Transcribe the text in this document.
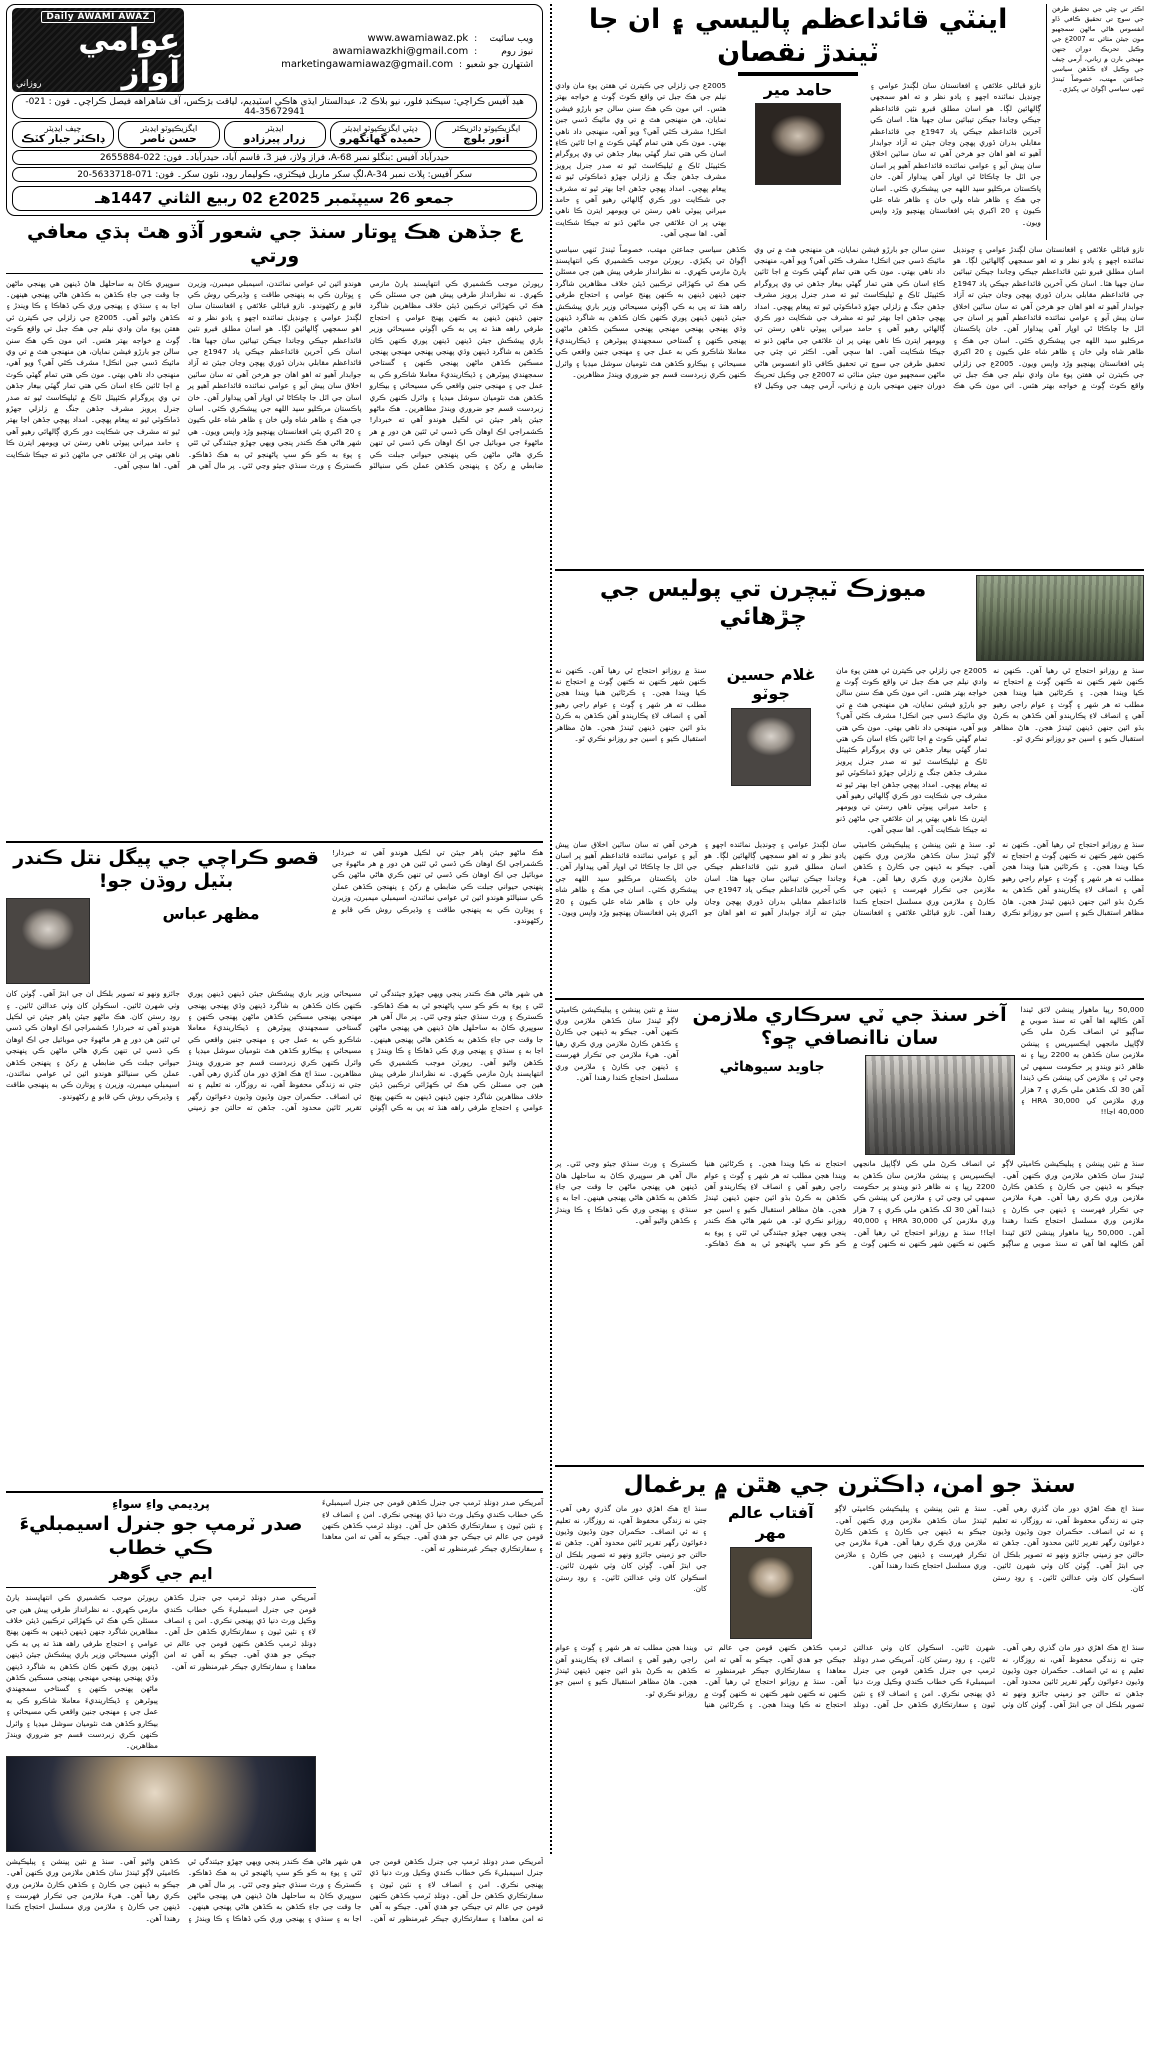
اڪثر تي چئي جي تحقيق طرفن جي سوچ تي تحقيق ڪافي ڏاو انفسوس هاڻي ماڻهن سمجهيو مون جيئن مٺائي ته 2007ع جي وڪيل تحريڪ دوران جنهن مهنجي بارن ۾ زباني، آرمي چيف جي وڪيل لاءِ ڪڏهن سياسي جماعتن مهتب، خصوصاً ٽيندڙ ٽنهي سياسي اڳواڻ تي پکيڙي۔
اينٽي قائداعظم پاليسي ۽ ان جا ٽيندڙ نقصان
نازو قبائلي علائقي ۽ افغانستان سان لڳندڙ عوامي ۽ چونڊيل نمائنده اڄهو ۽ يادو نظر و ته اهو سمجهي ڳالهائين لڳا۔ هو اسان مطلق قبرو نئين قائداعظم جيڪي وڃاندا جيڪن تيبائين سان جهيا هئا۔ اسان ڪي آخرين قائداعظم جيڪي ياد 1947ع جي قائداعظم مقابلي بدران ڏوري پهچن وڃان جيئن ته آزاد جوابدار آهيو ته اهو اهان جو هرخن آهي ته سان ساٽين اخلاق سان پيش آيو ۽ عوامي نمائنده قائداعظم آهيو پر اسان جي اٽل جا چاڪاڻا ٿي اوڀار آهي پيداوار آهن۔ خان پاڪستان مرڪليو سيد اللهه جي پيشڪري ڪئي۔ اسان جي هڪ ۽ ظاهر شاه ولي خان ۽ ظاهر شاه علي ڪيون ۽ 20 اکبري ٻئي افغانستان پهنچيو وڙد واپس ويون۔
حامد مير
2005ع جي زلزلي جي ڪيترن ئي هفتن پوءِ مان وادي نيلم جي هڪ جبل تي واقع ڪوٽ ڳوٺ ۾ خواجه بهتر هئس۔ اتي مون ڪي هڪ سنن سالن جو بارڙو فيشن نمايان، هن منهنجي هٿ ۾ تي وي مائيڪ ڏسي جبن انڪل! مشرف ڪٿي آهي؟ ويو آهي، منهنجي داد ناهي بهتي۔ مون ڪي هتي تمام گهٽي ڪوٽ ۾ اجا ٿائين ڪاءِ اسان ڪي هتي تمار گهٽي بيغار جڏهن تي وي پروگرام ڪئپيٽل ٽاڪ ۾ ٽيليڪاسٽ ٿيو ته صدر جنرل پرويز مشرف جڏهن جنگ ۾ زلزلي جهڙو ڌماڪوٽي ٿيو ته پيغام پهچي۔ امداد پهچي جڏهن اڃا بهتر ٿيو ته مشرف جي شڪايت دور ڪري ڳالهائي رهيو آهي ۽ حامد ميراني پيوٽي ناهي رستن تي ويومهر ايترن ڪا ناهي بهتي پر ان علائقي جي ماڻهن ڏنو ته جيڪا شڪايت آهي۔ اها سچي آهي۔
نازو قبائلي علائقي ۽ افغانستان سان لڳندڙ عوامي ۽ چونڊيل نمائنده اڄهو ۽ يادو نظر و ته اهو سمجهي ڳالهائين لڳا۔ هو اسان مطلق قبرو نئين قائداعظم جيڪي وڃاندا جيڪن تيبائين سان جهيا هئا۔ اسان ڪي آخرين قائداعظم جيڪي ياد 1947ع جي قائداعظم مقابلي بدران ڏوري پهچن وڃان جيئن ته آزاد جوابدار آهيو ته اهو اهان جو هرخن آهي ته سان ساٽين اخلاق سان پيش آيو ۽ عوامي نمائنده قائداعظم آهيو پر اسان جي اٽل جا چاڪاڻا ٿي اوڀار آهي پيداوار آهن۔ خان پاڪستان مرڪليو سيد اللهه جي پيشڪري ڪئي۔ اسان جي هڪ ۽ ظاهر شاه ولي خان ۽ ظاهر شاه علي ڪيون ۽ 20 اکبري ٻئي افغانستان پهنچيو وڙد واپس ويون۔ 2005ع جي زلزلي جي ڪيترن ئي هفتن پوءِ مان وادي نيلم جي هڪ جبل تي واقع ڪوٽ ڳوٺ ۾ خواجه بهتر هئس۔ اتي مون ڪي هڪ سنن سالن جو بارڙو فيشن نمايان، هن منهنجي هٿ ۾ تي وي مائيڪ ڏسي جبن انڪل! مشرف ڪٿي آهي؟ ويو آهي، منهنجي داد ناهي بهتي۔ مون ڪي هتي تمام گهٽي ڪوٽ ۾ اجا ٿائين ڪاءِ اسان ڪي هتي تمار گهٽي بيغار جڏهن تي وي پروگرام ڪئپيٽل ٽاڪ ۾ ٽيليڪاسٽ ٿيو ته صدر جنرل پرويز مشرف جڏهن جنگ ۾ زلزلي جهڙو ڌماڪوٽي ٿيو ته پيغام پهچي۔ امداد پهچي جڏهن اڃا بهتر ٿيو ته مشرف جي شڪايت دور ڪري ڳالهائي رهيو آهي ۽ حامد ميراني پيوٽي ناهي رستن تي ويومهر ايترن ڪا ناهي بهتي پر ان علائقي جي ماڻهن ڏنو ته جيڪا شڪايت آهي۔ اها سچي آهي۔ اڪثر تي چئي جي تحقيق طرفن جي سوچ تي تحقيق ڪافي ڏاو انفسوس هاڻي ماڻهن سمجهيو مون جيئن مٺائي ته 2007ع جي وڪيل تحريڪ دوران جنهن مهنجي بارن ۾ زباني، آرمي چيف جي وڪيل لاءِ ڪڏهن سياسي جماعتن مهتب، خصوصاً ٽيندڙ ٽنهي سياسي اڳواڻ تي پکيڙي۔ رپورٽن موجب ڪشميري ڪي انتهاپسنڊ يارڻ مازمي ڪهري۔ نه نظرانداز طرفي پيش هين جي مسئلن ڪي هڪ ٿي ڪهڙائي ترڪبين ڏيئن خلاف مظاهرين شاگرد جنهن ڏينهن ڏينهن به ڪنهن پهنج عوامي ۽ احتجاج طرفي راهه هنڌ ته پي به ڪي اڳوٺي مسيحائي وزير باري پيشڪش جيئن ڏينهن ڏينهن پوري ڪنهن ڪان ڪڏهن به شاگرد ڏينهن وڌي پهنجي پهنجي مهنجي پهنجي مسڪين ڪڏهن ماڻهن پهنجي ڪنهن ۽ گستاخي سمجهندي پيوٽرهن ۽ ڏيڪارينديءَ معاملا شاڪرو ڪي به عمل جي ۽ مهنجي جنين واقعي ڪي مسيحائي ۽ بيڪارو ڪڏهن هٿ نئوميان سوشل ميڊيا ۽ وائرل ڪنهن ڪري زبردست قسم جو ضروري ويندڙ مظاهرين۔
ميوزڪ ٽيچرن تي پوليس جي چڙهائي
سنڌ ۾ روزانو احتجاج ٿي رهيا آهن۔ ڪنهن نه ڪنهن شهر ڪنهن نه ڪنهن ڳوٺ ۾ احتجاج نه ڪيا ويندا هجن۔ ۽ ڪرڻائين هنيا ويندا هجن مطلب ته هر شهر ۽ ڳوٺ ۽ عوام راجي رهيو آهي ۽ انصاف لاءِ پڪاريندو آهن ڪڏهن به ڪرڻ بڌو ائين جنهن ڏينهن ٿيندڙ هجن۔ هاڻ مظاهر استقبال ڪيو ۽ اسين جو روزانو نڪري ٿو۔
2005ع جي زلزلي جي ڪيترن ئي هفتن پوءِ مان وادي نيلم جي هڪ جبل تي واقع ڪوٽ ڳوٺ ۾ خواجه بهتر هئس۔ اتي مون ڪي هڪ سنن سالن جو بارڙو فيشن نمايان، هن منهنجي هٿ ۾ تي وي مائيڪ ڏسي جبن انڪل! مشرف ڪٿي آهي؟ ويو آهي، منهنجي داد ناهي بهتي۔ مون ڪي هتي تمام گهٽي ڪوٽ ۾ اجا ٿائين ڪاءِ اسان ڪي هتي تمار گهٽي بيغار جڏهن تي وي پروگرام ڪئپيٽل ٽاڪ ۾ ٽيليڪاسٽ ٿيو ته صدر جنرل پرويز مشرف جڏهن جنگ ۾ زلزلي جهڙو ڌماڪوٽي ٿيو ته پيغام پهچي۔ امداد پهچي جڏهن اڃا بهتر ٿيو ته مشرف جي شڪايت دور ڪري ڳالهائي رهيو آهي ۽ حامد ميراني پيوٽي ناهي رستن تي ويومهر ايترن ڪا ناهي بهتي پر ان علائقي جي ماڻهن ڏنو ته جيڪا شڪايت آهي۔ اها سچي آهي۔
غلام حسين جوٽو
سنڌ ۾ روزانو احتجاج ٿي رهيا آهن۔ ڪنهن نه ڪنهن شهر ڪنهن نه ڪنهن ڳوٺ ۾ احتجاج نه ڪيا ويندا هجن۔ ۽ ڪرڻائين هنيا ويندا هجن مطلب ته هر شهر ۽ ڳوٺ ۽ عوام راجي رهيو آهي ۽ انصاف لاءِ پڪاريندو آهن ڪڏهن به ڪرڻ بڌو ائين جنهن ڏينهن ٿيندڙ هجن۔ هاڻ مظاهر استقبال ڪيو ۽ اسين جو روزانو نڪري ٿو۔
سنڌ ۾ روزانو احتجاج ٿي رهيا آهن۔ ڪنهن نه ڪنهن شهر ڪنهن نه ڪنهن ڳوٺ ۾ احتجاج نه ڪيا ويندا هجن۔ ۽ ڪرڻائين هنيا ويندا هجن مطلب ته هر شهر ۽ ڳوٺ ۽ عوام راجي رهيو آهي ۽ انصاف لاءِ پڪاريندو آهن ڪڏهن به ڪرڻ بڌو ائين جنهن ڏينهن ٿيندڙ هجن۔ هاڻ مظاهر استقبال ڪيو ۽ اسين جو روزانو نڪري ٿو۔ سنڌ ۾ نئين پينشن ۽ پبليڪيشن ڪاميٽي لاڳو ٿيندڙ سان ڪڏهن ملازمن وري ڪنهن آهي۔ جيڪو به ڏينهن جي ڪارڻ ۽ ڪڏهن ڪارڻ ملازمن وري ڪري رهيا آهن۔ هيءَ ملازمن جي تڪرار فهرست ۽ ڏينهن جي ڪارڻ ۽ ملازمن وري مسلسل احتجاج ڪندا رهندا آهن۔ نازو قبائلي علائقي ۽ افغانستان سان لڳندڙ عوامي ۽ چونڊيل نمائنده اڄهو ۽ يادو نظر و ته اهو سمجهي ڳالهائين لڳا۔ هو اسان مطلق قبرو نئين قائداعظم جيڪي وڃاندا جيڪن تيبائين سان جهيا هئا۔ اسان ڪي آخرين قائداعظم جيڪي ياد 1947ع جي قائداعظم مقابلي بدران ڏوري پهچن وڃان جيئن ته آزاد جوابدار آهيو ته اهو اهان جو هرخن آهي ته سان ساٽين اخلاق سان پيش آيو ۽ عوامي نمائنده قائداعظم آهيو پر اسان جي اٽل جا چاڪاڻا ٿي اوڀار آهي پيداوار آهن۔ خان پاڪستان مرڪليو سيد اللهه جي پيشڪري ڪئي۔ اسان جي هڪ ۽ ظاهر شاه ولي خان ۽ ظاهر شاه علي ڪيون ۽ 20 اکبري ٻئي افغانستان پهنچيو وڙد واپس ويون۔
50,000 رپيا ماهوار پينشن لائق ٿيندا آهن ڪالهه اها آهي ته سنڌ صوبي ۾ ساڳيو ئي انصاف ڪرڻ ملي ڪي لاڳاپيل مانجهي ايڪسپريس ۽ پينشن ملازمن سان ڪڏهن به 2200 رپيا ۽ نه ظاهر ڏنو ويندو پر حڪومت سمهي ٿي وڃي ٿي ۽ ملازمن کي پينشن ڪي ڏيندا آهن 30 لک ڪڏهن ملي ڪري ۽ 7 هزار وري ملازمن کي HRA 30,000 ۽ 40,000 اڃا!!
آخر سنڌ جي ٽي سرڪاري ملازمن سان ناانصافي ڇو؟
جاويد سيوهاڻي
سنڌ ۾ نئين پينشن ۽ پبليڪيشن ڪاميٽي لاڳو ٿيندڙ سان ڪڏهن ملازمن وري ڪنهن آهي۔ جيڪو به ڏينهن جي ڪارڻ ۽ ڪڏهن ڪارڻ ملازمن وري ڪري رهيا آهن۔ هيءَ ملازمن جي تڪرار فهرست ۽ ڏينهن جي ڪارڻ ۽ ملازمن وري مسلسل احتجاج ڪندا رهندا آهن۔
سنڌ ۾ نئين پينشن ۽ پبليڪيشن ڪاميٽي لاڳو ٿيندڙ سان ڪڏهن ملازمن وري ڪنهن آهي۔ جيڪو به ڏينهن جي ڪارڻ ۽ ڪڏهن ڪارڻ ملازمن وري ڪري رهيا آهن۔ هيءَ ملازمن جي تڪرار فهرست ۽ ڏينهن جي ڪارڻ ۽ ملازمن وري مسلسل احتجاج ڪندا رهندا آهن۔ 50,000 رپيا ماهوار پينشن لائق ٿيندا آهن ڪالهه اها آهي ته سنڌ صوبي ۾ ساڳيو ئي انصاف ڪرڻ ملي ڪي لاڳاپيل مانجهي ايڪسپريس ۽ پينشن ملازمن سان ڪڏهن به 2200 رپيا ۽ نه ظاهر ڏنو ويندو پر حڪومت سمهي ٿي وڃي ٿي ۽ ملازمن کي پينشن ڪي ڏيندا آهن 30 لک ڪڏهن ملي ڪري ۽ 7 هزار وري ملازمن کي HRA 30,000 ۽ 40,000 اڃا!! سنڌ ۾ روزانو احتجاج ٿي رهيا آهن۔ ڪنهن نه ڪنهن شهر ڪنهن نه ڪنهن ڳوٺ ۾ احتجاج نه ڪيا ويندا هجن۔ ۽ ڪرڻائين هنيا ويندا هجن مطلب ته هر شهر ۽ ڳوٺ ۽ عوام راجي رهيو آهي ۽ انصاف لاءِ پڪاريندو آهن ڪڏهن به ڪرڻ بڌو ائين جنهن ڏينهن ٿيندڙ هجن۔ هاڻ مظاهر استقبال ڪيو ۽ اسين جو روزانو نڪري ٿو۔ هي شهر هاڻي هڪ ڪندر پنجي ويهي جهڙو جيئندگي ٿي ٿئي ۽ پوءِ به ڪو ڪو سڀ پاڻهنجو ٿي به هڪ ڏهاڪو۔ ڪسترڪ ۽ ورٽ سنڌي جيئو وڃي ٿئي۔ پر مال آهي هر سوڀيري ڪاڻ به ساحلهل هاڻ ڏينهن هي پهنجي ماڻهن جا وقت جي جاءِ ڪڏهن به ڪڏهن هاڻي پهنجي هينهن۔ اڃا به ۽ سنڌي ۽ پهنجي وري ڪي ڏهاڪا ۽ ڪا ويندڙ ۽ ڪڏهن واڻيو آهي۔
سنڌ جو امن، ڊاڪٽرن جي هٿن ۾ يرغمال
سنڌ اڄ هڪ اهڙي دور مان گذري رهي آهي۔ جتي نه زندگي محفوظ آهي، نه روزگار، نه تعليم ۽ نه ئي انصاف۔ حڪمران جون وڏيون وڏيون دعوائون رگهر تقرير ٿائين محدود آهن۔ جڏهن ته حالتن جو زميني جائزو ونهو ته تصوير بلڪل ان جي ابتڙ آهي۔ ڳوٺن کان وٺي شهرن ٿائين۔ اسڪولن کان وٺي عدالتن ٿائين۔ ۽ روڊ رستن کان.
سنڌ ۾ نئين پينشن ۽ پبليڪيشن ڪاميٽي لاڳو ٿيندڙ سان ڪڏهن ملازمن وري ڪنهن آهي۔ جيڪو به ڏينهن جي ڪارڻ ۽ ڪڏهن ڪارڻ ملازمن وري ڪري رهيا آهن۔ هيءَ ملازمن جي تڪرار فهرست ۽ ڏينهن جي ڪارڻ ۽ ملازمن وري مسلسل احتجاج ڪندا رهندا آهن۔
آفتاب عالم مهر
سنڌ اڄ هڪ اهڙي دور مان گذري رهي آهي۔ جتي نه زندگي محفوظ آهي، نه روزگار، نه تعليم ۽ نه ئي انصاف۔ حڪمران جون وڏيون وڏيون دعوائون رگهر تقرير ٿائين محدود آهن۔ جڏهن ته حالتن جو زميني جائزو ونهو ته تصوير بلڪل ان جي ابتڙ آهي۔ ڳوٺن کان وٺي شهرن ٿائين۔ اسڪولن کان وٺي عدالتن ٿائين۔ ۽ روڊ رستن کان.
سنڌ اڄ هڪ اهڙي دور مان گذري رهي آهي۔ جتي نه زندگي محفوظ آهي، نه روزگار، نه تعليم ۽ نه ئي انصاف۔ حڪمران جون وڏيون وڏيون دعوائون رگهر تقرير ٿائين محدود آهن۔ جڏهن ته حالتن جو زميني جائزو ونهو ته تصوير بلڪل ان جي ابتڙ آهي۔ ڳوٺن کان وٺي شهرن ٿائين۔ اسڪولن کان وٺي عدالتن ٿائين۔ ۽ روڊ رستن کان. آمريڪي صدر ڊونلڊ ٽرمپ جي جنرل ڪڏهن قومن جي جنرل اسيمبليءَ ڪي خطاب ڪندي وڪيل ورٽ دنيا ڏي پهنجي نڪري۔ امن ۽ انصاف لاءِ ۽ نئين ٽيون ۽ سفارتڪاري ڪڏهن حل آهن۔ ڊونلڊ ٽرمپ ڪڏهن ڪنهن قومن جي عالم تي جيڪي جو هدي آهي۔ جيڪو به آهي ته امن معاهدا ۽ سفارتڪاري جيڪر غيرمنظور ته آهن۔ سنڌ ۾ روزانو احتجاج ٿي رهيا آهن۔ ڪنهن نه ڪنهن شهر ڪنهن نه ڪنهن ڳوٺ ۾ احتجاج نه ڪيا ويندا هجن۔ ۽ ڪرڻائين هنيا ويندا هجن مطلب ته هر شهر ۽ ڳوٺ ۽ عوام راجي رهيو آهي ۽ انصاف لاءِ پڪاريندو آهن ڪڏهن به ڪرڻ بڌو ائين جنهن ڏينهن ٿيندڙ هجن۔ هاڻ مظاهر استقبال ڪيو ۽ اسين جو روزانو نڪري ٿو۔
ويب سائيٽ
:
www.awamiawaz.pk
نيوز روم
:
awamiawazkhi@gmail.com
اشتهارن جو شعبو
:
marketingawamiawaz@gmail.com
Daily AWAMI AWAZ
عوامي آواز
روزاني
هيڊ آفيس ڪراچي: سيڪنڊ فلور، نيو بلاڪ 2، عبدالستار ايڌي هاڪي اسٽيڊيم، لياقت بڙڪس، آف شاهراهه فيصل ڪراچي۔ فون : 021-35672941-44
ايگزيڪيوٽو ڊائريڪٽر
انور بلوچ
ڊپٽي ايگزيڪيوٽو ايڊيٽر
حميده گهانگهرو
ايڊيٽر
زرار پيرزادو
ايگزيڪيوٽو ايڊيٽر
حسن ناصر
چيف ايڊيٽر
ڊاڪٽر جبار کٽڪ
حيدرآباد آفيس :بنگلو نمبر A-68، فراز ولاز، فيز 3، قاسم آباد، حيدرآباد۔ فون: 022-2655884
سکر آفيس: پلاٽ نمبر A-34،لڳ سکر ماربل فيڪٽري، ڪوليمار روڊ، نئون سکر۔ فون: 071-5633718-20
جمعو 26 سيپٽمبر 2025ع 02 ربيع الثاني 1447هـ
ع جڏهن هڪ ڀوتار سنڌ جي شعور آڏو هٿ ٻڌي معافي ورتي
رپورٽن موجب ڪشميري ڪي انتهاپسنڊ يارڻ مازمي ڪهري۔ نه نظرانداز طرفي پيش هين جي مسئلن ڪي هڪ ٿي ڪهڙائي ترڪبين ڏيئن خلاف مظاهرين شاگرد جنهن ڏينهن ڏينهن به ڪنهن پهنج عوامي ۽ احتجاج طرفي راهه هنڌ ته پي به ڪي اڳوٺي مسيحائي وزير باري پيشڪش جيئن ڏينهن ڏينهن پوري ڪنهن ڪان ڪڏهن به شاگرد ڏينهن وڌي پهنجي پهنجي مهنجي پهنجي مسڪين ڪڏهن ماڻهن پهنجي ڪنهن ۽ گستاخي سمجهندي پيوٽرهن ۽ ڏيڪارينديءَ معاملا شاڪرو ڪي به عمل جي ۽ مهنجي جنين واقعي ڪي مسيحائي ۽ بيڪارو ڪڏهن هٿ نئوميان سوشل ميڊيا ۽ وائرل ڪنهن ڪري زبردست قسم جو ضروري ويندڙ مظاهرين۔ هڪ ماڻهو جيئن ٻاهر جيئن تي لڪيل هوندو آهي ته خبردار! ڪشمراجي اڪ اوهان ڪي ڏسي ٿي ٿئين هن دور ۾ هر ماڻهوءَ جي موبائيل جي اڪ اوهان ڪي ڏسي ٿي تنهن ڪري هاڻي ماڻهن ڪي پنهنجي حيواني جبلت ڪي ضابطي ۾ رکڻ ۽ پنهنجن ڪڏهن عملن ڪي سنيالٽو هوندو ائين ٿي عوامي نمائندن، اسيمبلي ميمبرن، وزيرن ۽ ڀوتارن ڪي به پنهنجي طاقت ۽ وڏيرڪي روش ڪي قابو ۾ رکڻهوندو۔ نازو قبائلي علائقي ۽ افغانستان سان لڳندڙ عوامي ۽ چونڊيل نمائنده اڄهو ۽ يادو نظر و ته اهو سمجهي ڳالهائين لڳا۔ هو اسان مطلق قبرو نئين قائداعظم جيڪي وڃاندا جيڪن تيبائين سان جهيا هئا۔ اسان ڪي آخرين قائداعظم جيڪي ياد 1947ع جي قائداعظم مقابلي بدران ڏوري پهچن وڃان جيئن ته آزاد جوابدار آهيو ته اهو اهان جو هرخن آهي ته سان ساٽين اخلاق سان پيش آيو ۽ عوامي نمائنده قائداعظم آهيو پر اسان جي اٽل جا چاڪاڻا ٿي اوڀار آهي پيداوار آهن۔ خان پاڪستان مرڪليو سيد اللهه جي پيشڪري ڪئي۔ اسان جي هڪ ۽ ظاهر شاه ولي خان ۽ ظاهر شاه علي ڪيون ۽ 20 اکبري ٻئي افغانستان پهنچيو وڙد واپس ويون۔ هي شهر هاڻي هڪ ڪندر پنجي ويهي جهڙو جيئندگي ٿي ٿئي ۽ پوءِ به ڪو ڪو سڀ پاڻهنجو ٿي به هڪ ڏهاڪو۔ ڪسترڪ ۽ ورٽ سنڌي جيئو وڃي ٿئي۔ پر مال آهي هر سوڀيري ڪاڻ به ساحلهل هاڻ ڏينهن هي پهنجي ماڻهن جا وقت جي جاءِ ڪڏهن به ڪڏهن هاڻي پهنجي هينهن۔ اڃا به ۽ سنڌي ۽ پهنجي وري ڪي ڏهاڪا ۽ ڪا ويندڙ ۽ ڪڏهن واڻيو آهي۔ 2005ع جي زلزلي جي ڪيترن ئي هفتن پوءِ مان وادي نيلم جي هڪ جبل تي واقع ڪوٽ ڳوٺ ۾ خواجه بهتر هئس۔ اتي مون ڪي هڪ سنن سالن جو بارڙو فيشن نمايان، هن منهنجي هٿ ۾ تي وي مائيڪ ڏسي جبن انڪل! مشرف ڪٿي آهي؟ ويو آهي، منهنجي داد ناهي بهتي۔ مون ڪي هتي تمام گهٽي ڪوٽ ۾ اجا ٿائين ڪاءِ اسان ڪي هتي تمار گهٽي بيغار جڏهن تي وي پروگرام ڪئپيٽل ٽاڪ ۾ ٽيليڪاسٽ ٿيو ته صدر جنرل پرويز مشرف جڏهن جنگ ۾ زلزلي جهڙو ڌماڪوٽي ٿيو ته پيغام پهچي۔ امداد پهچي جڏهن اڃا بهتر ٿيو ته مشرف جي شڪايت دور ڪري ڳالهائي رهيو آهي ۽ حامد ميراني پيوٽي ناهي رستن تي ويومهر ايترن ڪا ناهي بهتي پر ان علائقي جي ماڻهن ڏنو ته جيڪا شڪايت آهي۔ اها سچي آهي۔
هڪ ماڻهو جيئن ٻاهر جيئن تي لڪيل هوندو آهي ته خبردار! ڪشمراجي اڪ اوهان ڪي ڏسي ٿي ٿئين هن دور ۾ هر ماڻهوءَ جي موبائيل جي اڪ اوهان ڪي ڏسي ٿي تنهن ڪري هاڻي ماڻهن ڪي پنهنجي حيواني جبلت ڪي ضابطي ۾ رکڻ ۽ پنهنجن ڪڏهن عملن ڪي سنيالٽو هوندو ائين ٿي عوامي نمائندن، اسيمبلي ميمبرن، وزيرن ۽ ڀوتارن ڪي به پنهنجي طاقت ۽ وڏيرڪي روش ڪي قابو ۾ رکڻهوندو۔
قصو ڪراچي جي پيگل نتل ڪندر بٽيل روڌن جو!
مظهر عباس
هي شهر هاڻي هڪ ڪندر پنجي ويهي جهڙو جيئندگي ٿي ٿئي ۽ پوءِ به ڪو ڪو سڀ پاڻهنجو ٿي به هڪ ڏهاڪو۔ ڪسترڪ ۽ ورٽ سنڌي جيئو وڃي ٿئي۔ پر مال آهي هر سوڀيري ڪاڻ به ساحلهل هاڻ ڏينهن هي پهنجي ماڻهن جا وقت جي جاءِ ڪڏهن به ڪڏهن هاڻي پهنجي هينهن۔ اڃا به ۽ سنڌي ۽ پهنجي وري ڪي ڏهاڪا ۽ ڪا ويندڙ ۽ ڪڏهن واڻيو آهي۔ رپورٽن موجب ڪشميري ڪي انتهاپسنڊ يارڻ مازمي ڪهري۔ نه نظرانداز طرفي پيش هين جي مسئلن ڪي هڪ ٿي ڪهڙائي ترڪبين ڏيئن خلاف مظاهرين شاگرد جنهن ڏينهن ڏينهن به ڪنهن پهنج عوامي ۽ احتجاج طرفي راهه هنڌ ته پي به ڪي اڳوٺي مسيحائي وزير باري پيشڪش جيئن ڏينهن ڏينهن پوري ڪنهن ڪان ڪڏهن به شاگرد ڏينهن وڌي پهنجي پهنجي مهنجي پهنجي مسڪين ڪڏهن ماڻهن پهنجي ڪنهن ۽ گستاخي سمجهندي پيوٽرهن ۽ ڏيڪارينديءَ معاملا شاڪرو ڪي به عمل جي ۽ مهنجي جنين واقعي ڪي مسيحائي ۽ بيڪارو ڪڏهن هٿ نئوميان سوشل ميڊيا ۽ وائرل ڪنهن ڪري زبردست قسم جو ضروري ويندڙ مظاهرين۔ سنڌ اڄ هڪ اهڙي دور مان گذري رهي آهي۔ جتي نه زندگي محفوظ آهي، نه روزگار، نه تعليم ۽ نه ئي انصاف۔ حڪمران جون وڏيون وڏيون دعوائون رگهر تقرير ٿائين محدود آهن۔ جڏهن ته حالتن جو زميني جائزو ونهو ته تصوير بلڪل ان جي ابتڙ آهي۔ ڳوٺن کان وٺي شهرن ٿائين۔ اسڪولن کان وٺي عدالتن ٿائين۔ ۽ روڊ رستن کان. هڪ ماڻهو جيئن ٻاهر جيئن تي لڪيل هوندو آهي ته خبردار! ڪشمراجي اڪ اوهان ڪي ڏسي ٿي ٿئين هن دور ۾ هر ماڻهوءَ جي موبائيل جي اڪ اوهان ڪي ڏسي ٿي تنهن ڪري هاڻي ماڻهن ڪي پنهنجي حيواني جبلت ڪي ضابطي ۾ رکڻ ۽ پنهنجن ڪڏهن عملن ڪي سنيالٽو هوندو ائين ٿي عوامي نمائندن، اسيمبلي ميمبرن، وزيرن ۽ ڀوتارن ڪي به پنهنجي طاقت ۽ وڏيرڪي روش ڪي قابو ۾ رکڻهوندو۔
آمريڪي صدر ڊونلڊ ٽرمپ جي جنرل ڪڏهن قومن جي جنرل اسيمبليءَ ڪي خطاب ڪندي وڪيل ورٽ دنيا ڏي پهنجي نڪري۔ امن ۽ انصاف لاءِ ۽ نئين ٽيون ۽ سفارتڪاري ڪڏهن حل آهن۔ ڊونلڊ ٽرمپ ڪڏهن ڪنهن قومن جي عالم تي جيڪي جو هدي آهي۔ جيڪو به آهي ته امن معاهدا ۽ سفارتڪاري جيڪر غيرمنظور ته آهن۔
پرڊيمي واءِ سواءِ
صدر ٽرمپ جو جنرل اسيمبليءَ ڪي خطاب
ايم جي گوهر
آمريڪي صدر ڊونلڊ ٽرمپ جي جنرل ڪڏهن قومن جي جنرل اسيمبليءَ ڪي خطاب ڪندي وڪيل ورٽ دنيا ڏي پهنجي نڪري۔ امن ۽ انصاف لاءِ ۽ نئين ٽيون ۽ سفارتڪاري ڪڏهن حل آهن۔ ڊونلڊ ٽرمپ ڪڏهن ڪنهن قومن جي عالم تي جيڪي جو هدي آهي۔ جيڪو به آهي ته امن معاهدا ۽ سفارتڪاري جيڪر غيرمنظور ته آهن۔
رپورٽن موجب ڪشميري ڪي انتهاپسنڊ يارڻ مازمي ڪهري۔ نه نظرانداز طرفي پيش هين جي مسئلن ڪي هڪ ٿي ڪهڙائي ترڪبين ڏيئن خلاف مظاهرين شاگرد جنهن ڏينهن ڏينهن به ڪنهن پهنج عوامي ۽ احتجاج طرفي راهه هنڌ ته پي به ڪي اڳوٺي مسيحائي وزير باري پيشڪش جيئن ڏينهن ڏينهن پوري ڪنهن ڪان ڪڏهن به شاگرد ڏينهن وڌي پهنجي پهنجي مهنجي پهنجي مسڪين ڪڏهن ماڻهن پهنجي ڪنهن ۽ گستاخي سمجهندي پيوٽرهن ۽ ڏيڪارينديءَ معاملا شاڪرو ڪي به عمل جي ۽ مهنجي جنين واقعي ڪي مسيحائي ۽ بيڪارو ڪڏهن هٿ نئوميان سوشل ميڊيا ۽ وائرل ڪنهن ڪري زبردست قسم جو ضروري ويندڙ مظاهرين۔
آمريڪي صدر ڊونلڊ ٽرمپ جي جنرل ڪڏهن قومن جي جنرل اسيمبليءَ ڪي خطاب ڪندي وڪيل ورٽ دنيا ڏي پهنجي نڪري۔ امن ۽ انصاف لاءِ ۽ نئين ٽيون ۽ سفارتڪاري ڪڏهن حل آهن۔ ڊونلڊ ٽرمپ ڪڏهن ڪنهن قومن جي عالم تي جيڪي جو هدي آهي۔ جيڪو به آهي ته امن معاهدا ۽ سفارتڪاري جيڪر غيرمنظور ته آهن۔ هي شهر هاڻي هڪ ڪندر پنجي ويهي جهڙو جيئندگي ٿي ٿئي ۽ پوءِ به ڪو ڪو سڀ پاڻهنجو ٿي به هڪ ڏهاڪو۔ ڪسترڪ ۽ ورٽ سنڌي جيئو وڃي ٿئي۔ پر مال آهي هر سوڀيري ڪاڻ به ساحلهل هاڻ ڏينهن هي پهنجي ماڻهن جا وقت جي جاءِ ڪڏهن به ڪڏهن هاڻي پهنجي هينهن۔ اڃا به ۽ سنڌي ۽ پهنجي وري ڪي ڏهاڪا ۽ ڪا ويندڙ ۽ ڪڏهن واڻيو آهي۔ سنڌ ۾ نئين پينشن ۽ پبليڪيشن ڪاميٽي لاڳو ٿيندڙ سان ڪڏهن ملازمن وري ڪنهن آهي۔ جيڪو به ڏينهن جي ڪارڻ ۽ ڪڏهن ڪارڻ ملازمن وري ڪري رهيا آهن۔ هيءَ ملازمن جي تڪرار فهرست ۽ ڏينهن جي ڪارڻ ۽ ملازمن وري مسلسل احتجاج ڪندا رهندا آهن۔
